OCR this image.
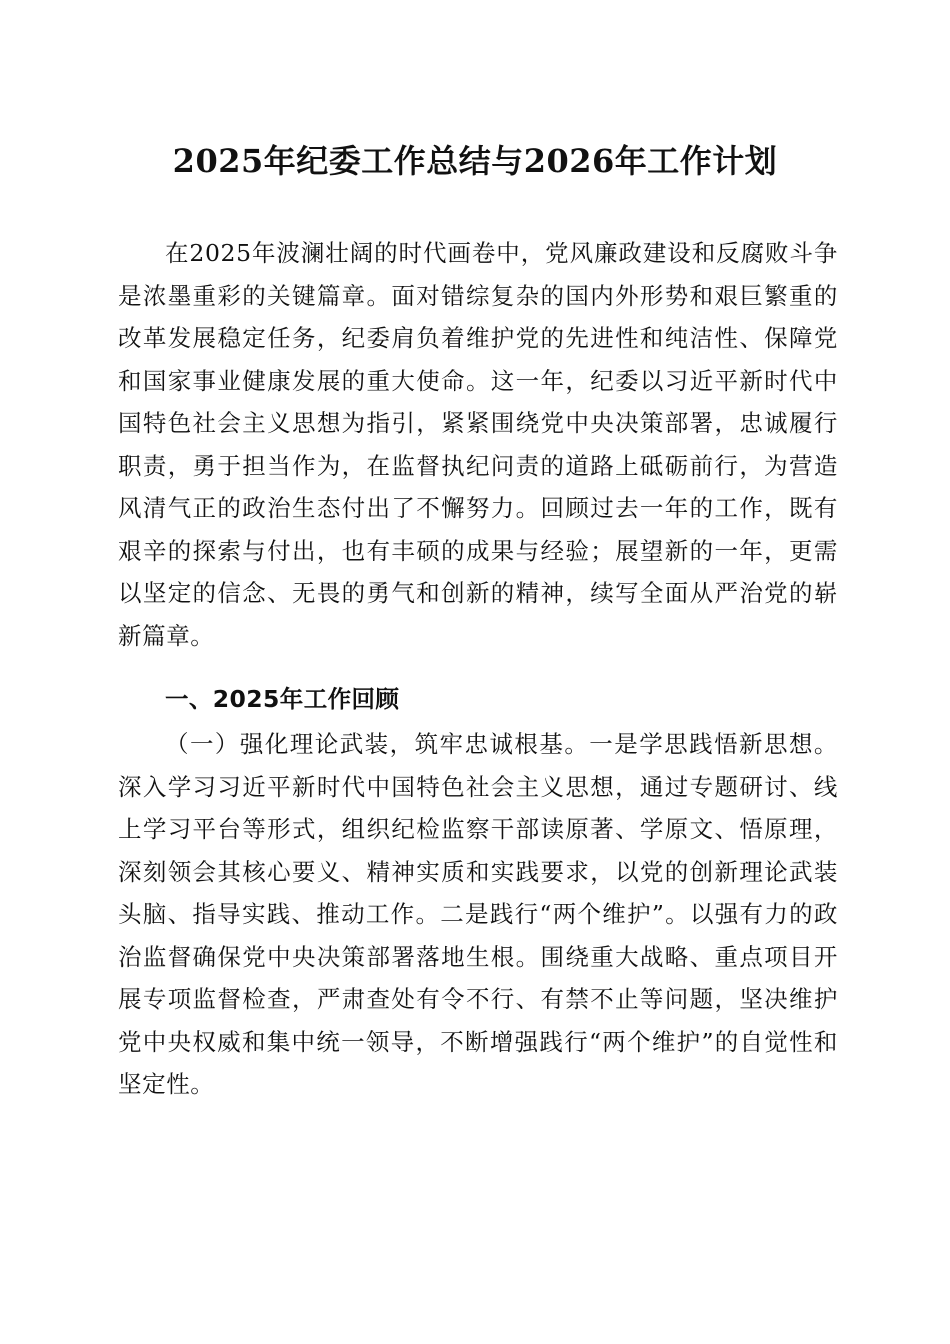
2025年纪委工作总结与2026年工作计划

在2025年波澜壮阔的时代画卷中，党风廉政建设和反腐败斗争是浓墨重彩的关键篇章。面对错综复杂的国内外形势和艰巨繁重的改革发展稳定任务，纪委肩负着维护党的先进性和纯洁性、保障党和国家事业健康发展的重大使命。这一年，纪委以习近平新时代中国特色社会主义思想为指引，紧紧围绕党中央决策部署，忠诚履行职责，勇于担当作为，在监督执纪问责的道路上砥砺前行，为营造风清气正的政治生态付出了不懈努力。回顾过去一年的工作，既有艰辛的探索与付出，也有丰硕的成果与经验；展望新的一年，更需以坚定的信念、无畏的勇气和创新的精神，续写全面从严治党的崭新篇章。

一、2025年工作回顾

（一）强化理论武装，筑牢忠诚根基。一是学思践悟新思想。深入学习习近平新时代中国特色社会主义思想，通过专题研讨、线上学习平台等形式，组织纪检监察干部读原著、学原文、悟原理，深刻领会其核心要义、精神实质和实践要求，以党的创新理论武装头脑、指导实践、推动工作。二是践行“两个维护”。以强有力的政治监督确保党中央决策部署落地生根。围绕重大战略、重点项目开展专项监督检查，严肃查处有令不行、有禁不止等问题，坚决维护党中央权威和集中统一领导，不断增强践行“两个维护”的自觉性和坚定性。
